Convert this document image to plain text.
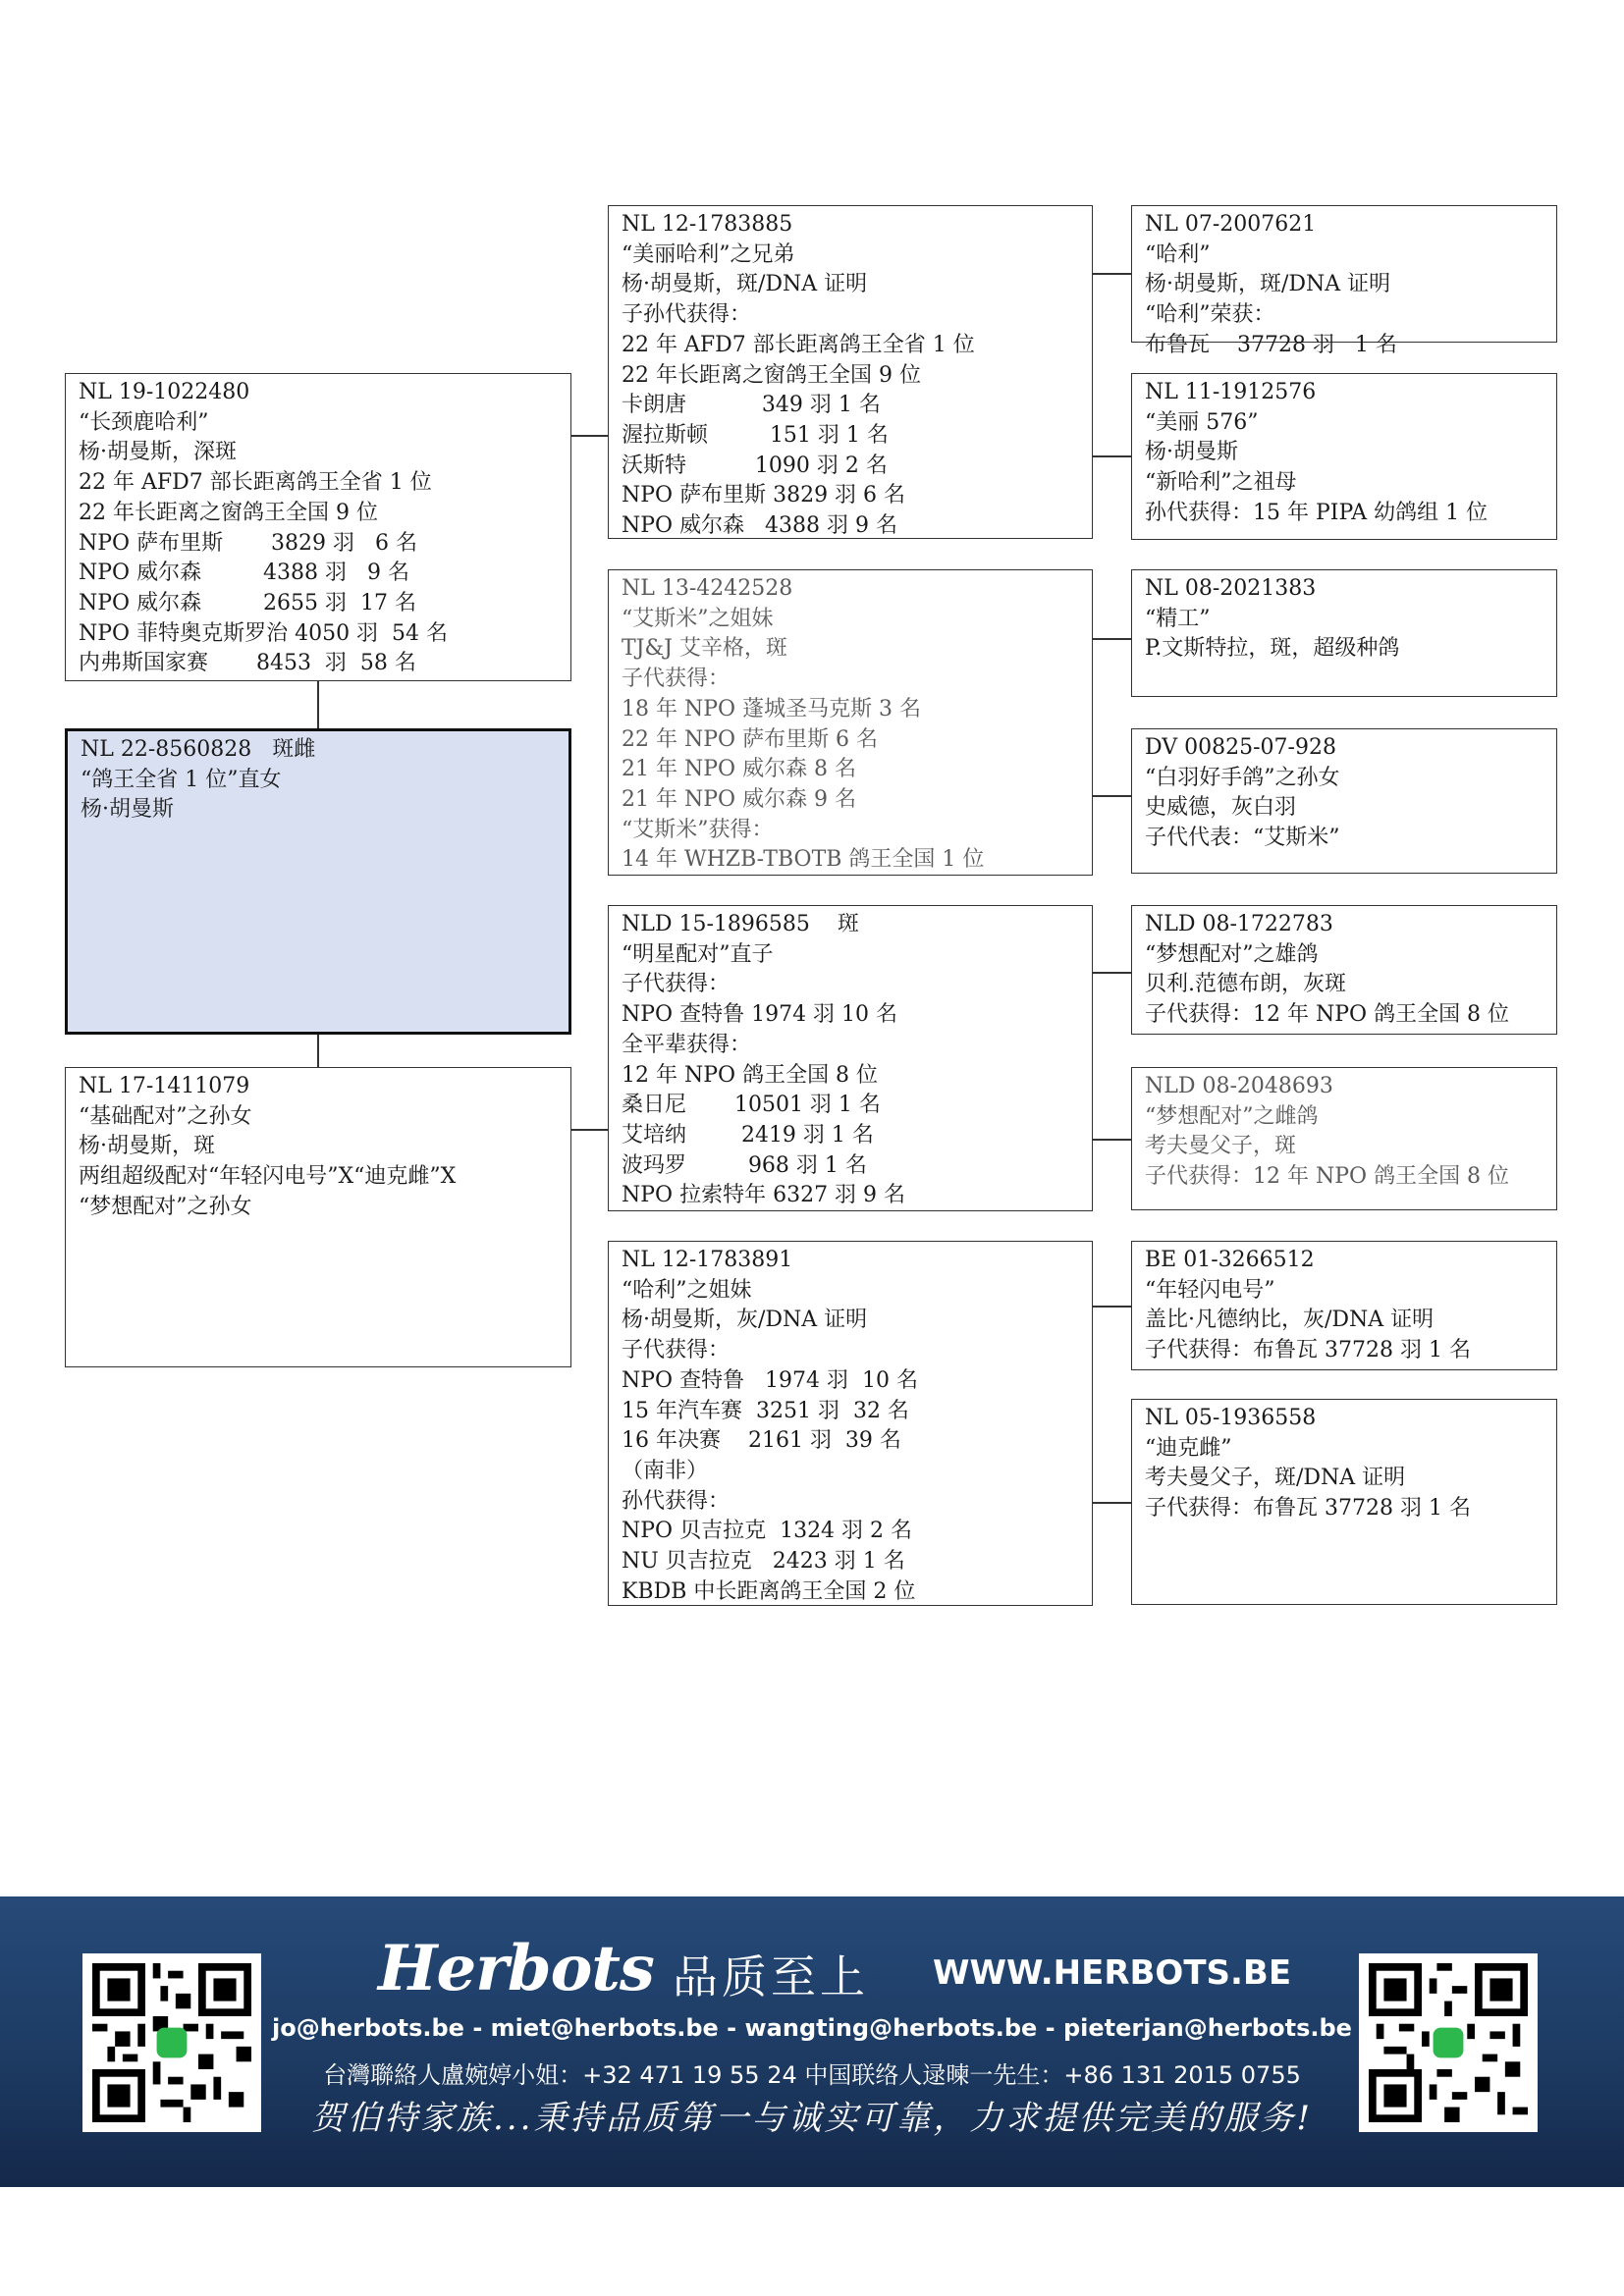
NL 22-8560828   斑雌
“鸽王全省 1 位”直女
杨·胡曼斯
NL 19-1022480
“长颈鹿哈利”
杨·胡曼斯，深斑
22 年 AFD7 部长距离鸽王全省 1 位
22 年长距离之窗鸽王全国 9 位
NPO 萨布里斯       3829 羽   6 名
NPO 威尔森         4388 羽   9 名
NPO 威尔森         2655 羽  17 名
NPO 菲特奥克斯罗治 4050 羽  54 名
内弗斯国家赛       8453  羽  58 名
NL 17-1411079
“基础配对”之孙女
杨·胡曼斯，斑
两组超级配对“年轻闪电号”X“迪克雌”X
“梦想配对”之孙女
NL 12-1783885
“美丽哈利”之兄弟
杨·胡曼斯，斑/DNA 证明
子孙代获得：
22 年 AFD7 部长距离鸽王全省 1 位
22 年长距离之窗鸽王全国 9 位
卡朗唐           349 羽 1 名
渥拉斯顿         151 羽 1 名
沃斯特          1090 羽 2 名
NPO 萨布里斯 3829 羽 6 名
NPO 威尔森   4388 羽 9 名
NL 13-4242528
“艾斯米”之姐妹
TJ&J 艾辛格，斑
子代获得：
18 年 NPO 蓬城圣马克斯 3 名
22 年 NPO 萨布里斯 6 名
21 年 NPO 威尔森 8 名
21 年 NPO 威尔森 9 名
“艾斯米”获得：
14 年 WHZB-TBOTB 鸽王全国 1 位
NLD 15-1896585    斑
“明星配对”直子
子代获得：
NPO 查特鲁 1974 羽 10 名
全平辈获得：
12 年 NPO 鸽王全国 8 位
桑日尼       10501 羽 1 名
艾培纳        2419 羽 1 名
波玛罗         968 羽 1 名
NPO 拉索特年 6327 羽 9 名
NL 12-1783891
“哈利”之姐妹
杨·胡曼斯，灰/DNA 证明
子代获得：
NPO 查特鲁   1974 羽  10 名
15 年汽车赛  3251 羽  32 名
16 年决赛    2161 羽  39 名
（南非）
孙代获得：
NPO 贝吉拉克  1324 羽 2 名
NU 贝吉拉克   2423 羽 1 名
KBDB 中长距离鸽王全国 2 位
NL 07-2007621
“哈利”
杨·胡曼斯，斑/DNA 证明
“哈利”荣获：
布鲁瓦    37728 羽   1 名
NL 11-1912576
“美丽 576”
杨·胡曼斯
“新哈利”之祖母
孙代获得：15 年 PIPA 幼鸽组 1 位
NL 08-2021383
“精工”
P.文斯特拉，斑，超级种鸽
DV 00825-07-928
“白羽好手鸽”之孙女
史威德，灰白羽
子代代表：“艾斯米”
NLD 08-1722783
“梦想配对”之雄鸽
贝利.范德布朗，灰斑
子代获得：12 年 NPO 鸽王全国 8 位
NLD 08-2048693
“梦想配对”之雌鸽
考夫曼父子，斑
子代获得：12 年 NPO 鸽王全国 8 位
BE 01-3266512
“年轻闪电号”
盖比·凡德纳比，灰/DNA 证明
子代获得：布鲁瓦 37728 羽 1 名
NL 05-1936558
“迪克雌”
考夫曼父子，斑/DNA 证明
子代获得：布鲁瓦 37728 羽 1 名
Herbots 品质至上 WWW.HERBOTS.BE
jo@herbots.be - miet@herbots.be - wangting@herbots.be - pieterjan@herbots.be
台灣聯絡人盧婉婷小姐：+32 471 19 55 24 中国联络人逯暕一先生：+86 131 2015 0755
贺伯特家族...秉持品质第一与诚实可靠，力求提供完美的服务!
